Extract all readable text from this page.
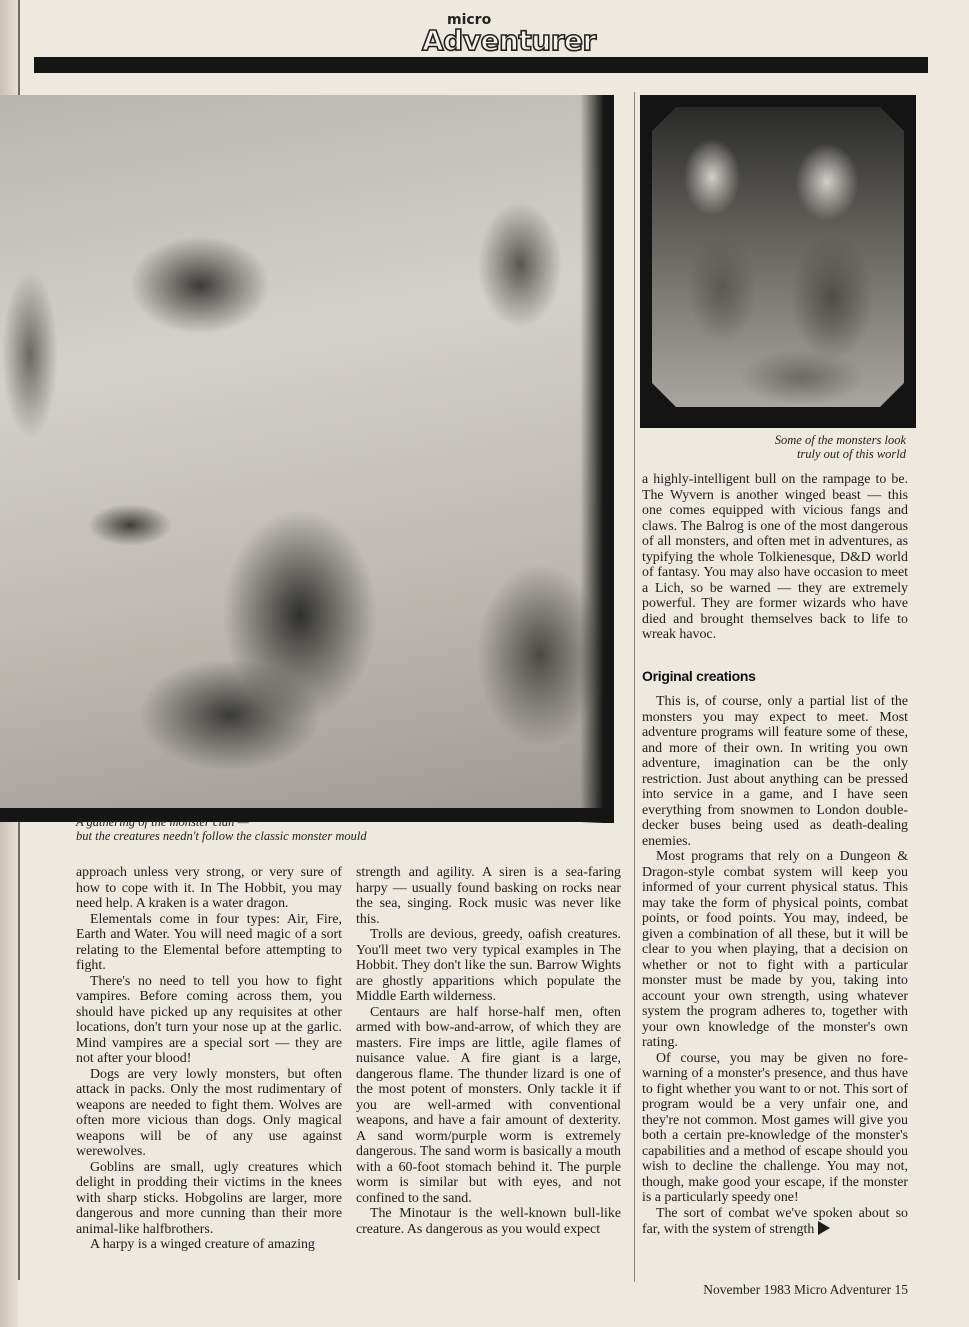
micro
Adventurer
A gathering of the monster clan —
but the creatures needn't follow the classic monster mould
Some of the monsters look
truly out of this world

a highly-intelligent bull on the rampage to be. The Wyvern is another winged beast — this one comes equipped with vicious fangs and claws. The Balrog is one of the most dangerous of all monsters, and often met in adventures, as typifying the whole Tolkienesque, D&D world of fantasy. You may also have occasion to meet a Lich, so be warned — they are extremely powerful. They are former wizards who have died and brought themselves back to life to wreak havoc.

Original creations

This is, of course, only a partial list of the monsters you may expect to meet. Most adventure programs will feature some of these, and more of their own. In writing you own adventure, imagination can be the only restriction. Just about anything can be pressed into service in a game, and I have seen everything from snowmen to London double-decker buses being used as death-dealing enemies.

Most programs that rely on a Dungeon & Dragon-style combat system will keep you informed of your current physical status. This may take the form of physical points, combat points, or food points. You may, indeed, be given a combination of all these, but it will be clear to you when playing, that a decision on whether or not to fight with a particular monster must be made by you, taking into account your own strength, using whatever system the program adheres to, together with your own knowledge of the monster's own rating.

Of course, you may be given no fore-warning of a monster's presence, and thus have to fight whether you want to or not. This sort of program would be a very unfair one, and they're not common. Most games will give you both a certain pre-knowledge of the monster's capabilities and a method of escape should you wish to decline the challenge. You may not, though, make good your escape, if the monster is a particularly speedy one!

The sort of combat we've spoken about so far, with the system of strength

approach unless very strong, or very sure of how to cope with it. In The Hobbit, you may need help. A kraken is a water dragon.

Elementals come in four types: Air, Fire, Earth and Water. You will need magic of a sort relating to the Elemental before attempting to fight.

There's no need to tell you how to fight vampires. Before coming across them, you should have picked up any requisites at other locations, don't turn your nose up at the garlic. Mind vampires are a special sort — they are not after your blood!

Dogs are very lowly monsters, but often attack in packs. Only the most rudimentary of weapons are needed to fight them. Wolves are often more vicious than dogs. Only magical weapons will be of any use against werewolves.

Goblins are small, ugly creatures which delight in prodding their victims in the knees with sharp sticks. Hobgolins are larger, more dangerous and more cunning than their more animal-like halfbrothers.

A harpy is a winged creature of amazing

strength and agility. A siren is a sea-faring harpy — usually found basking on rocks near the sea, singing. Rock music was never like this.

Trolls are devious, greedy, oafish creatures. You'll meet two very typical examples in The Hobbit. They don't like the sun. Barrow Wights are ghostly apparitions which populate the Middle Earth wilderness.

Centaurs are half horse-half men, often armed with bow-and-arrow, of which they are masters. Fire imps are little, agile flames of nuisance value. A fire giant is a large, dangerous flame. The thunder lizard is one of the most potent of monsters. Only tackle it if you are well-armed with conventional weapons, and have a fair amount of dexterity. A sand worm/purple worm is extremely dangerous. The sand worm is basically a mouth with a 60-foot stomach behind it. The purple worm is similar but with eyes, and not confined to the sand.

The Minotaur is the well-known bull-like creature. As dangerous as you would expect

November 1983 Micro Adventurer 15
